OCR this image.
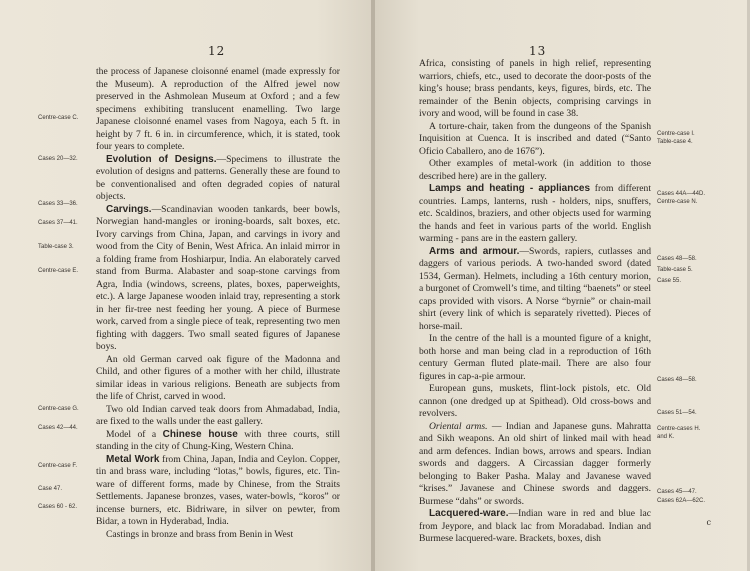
12
Centre-case C.
Cases 20—32.
Cases 33—36.
Cases 37—41.
Table-case 3.
Centre-case E.
Centre-case G.
Cases 42—44.
Centre-case F.
Case 47.
Cases 60 - 62.

the process of Japanese cloisonné enamel (made expressly for the Museum). A reproduction of the Alfred jewel now preserved in the Ashmolean Museum at Oxford ; and a few specimens exhibiting translucent enamelling. Two large Japanese cloisonné enamel vases from Nagoya, each 5 ft. in height by 7 ft. 6 in. in circumference, which, it is stated, took four years to complete.

Evolution of Designs.—Specimens to illustrate the evolution of designs and patterns. Generally these are found to be conventionalised and often degraded copies of natural objects.

Carvings.—Scandinavian wooden tankards, beer bowls, Norwegian hand-mangles or ironing-boards, salt boxes, etc. Ivory carvings from China, Japan, and carvings in ivory and wood from the City of Benin, West Africa. An inlaid mirror in a folding frame from Hoshiarpur, India. An elaborately carved stand from Burma. Alabaster and soap-stone carvings from Agra, India (windows, screens, plates, boxes, paperweights, etc.). A large Japanese wooden inlaid tray, representing a stork in her fir-tree nest feeding her young. A piece of Burmese work, carved from a single piece of teak, representing two men fighting with daggers. Two small seated figures of Japanese boys.

An old German carved oak figure of the Madonna and Child, and other figures of a mother with her child, illustrate similar ideas in various religions. Beneath are subjects from the life of Christ, carved in wood.

Two old Indian carved teak doors from Ahmadabad, India, are fixed to the walls under the east gallery.

Model of a Chinese house with three courts, still standing in the city of Chung-King, Western China.

Metal Work from China, Japan, India and Ceylon. Copper, tin and brass ware, including “lotas,” bowls, figures, etc. Tin-ware of different forms, made by Chinese, from the Straits Settlements. Japanese bronzes, vases, water-bowls, “koros” or incense burners, etc. Bidriware, in silver on pewter, from Bidar, a town in Hyderabad, India.

Castings in bronze and brass from Benin in West

13
Centre-case I.
Table-case 4.
Cases 44A—44D.
Centre-case N.
Cases 48—58.
Table-case 5.
Case 55.
Cases 48—58.
Cases 51—54.
Centre-cases H.
and K.
Cases 45—47.
Cases 62A—62C.

Africa, consisting of panels in high relief, representing warriors, chiefs, etc., used to decorate the door-posts of the king’s house; brass pendants, keys, figures, birds, etc. The remainder of the Benin objects, comprising carvings in ivory and wood, will be found in case 38.

A torture-chair, taken from the dungeons of the Spanish Inquisition at Cuenca. It is inscribed and dated (“Santo Oficio Caballero, ano de 1676”).

Other examples of metal-work (in addition to those described here) are in the gallery.

Lamps and heating - appliances from different countries. Lamps, lanterns, rush - holders, nips, snuffers, etc. Scaldinos, braziers, and other objects used for warming the hands and feet in various parts of the world. English warming - pans are in the eastern gallery.

Arms and armour.—Swords, rapiers, cutlasses and daggers of various periods. A two-handed sword (dated 1534, German). Helmets, including a 16th century morion, a burgonet of Cromwell’s time, and tilting “baenets” or steel caps provided with visors. A Norse “byrnie” or chain-mail shirt (every link of which is separately rivetted). Pieces of horse-mail.

In the centre of the hall is a mounted figure of a knight, both horse and man being clad in a reproduction of 16th century German fluted plate-mail. There are also four figures in cap-a-pie armour.

European guns, muskets, flint-lock pistols, etc. Old cannon (one dredged up at Spithead). Old cross-bows and revolvers.

Oriental arms. — Indian and Japanese guns. Mahratta and Sikh weapons. An old shirt of linked mail with head and arm defences. Indian bows, arrows and spears. Indian swords and daggers. A Circassian dagger formerly belonging to Baker Pasha. Malay and Javanese waved “krises.” Javanese and Chinese swords and daggers. Burmese “dahs” or swords.

Lacquered-ware.—Indian ware in red and blue lac from Jeypore, and black lac from Moradabad. Indian and Burmese lacquered-ware. Brackets, boxes, dish

c
